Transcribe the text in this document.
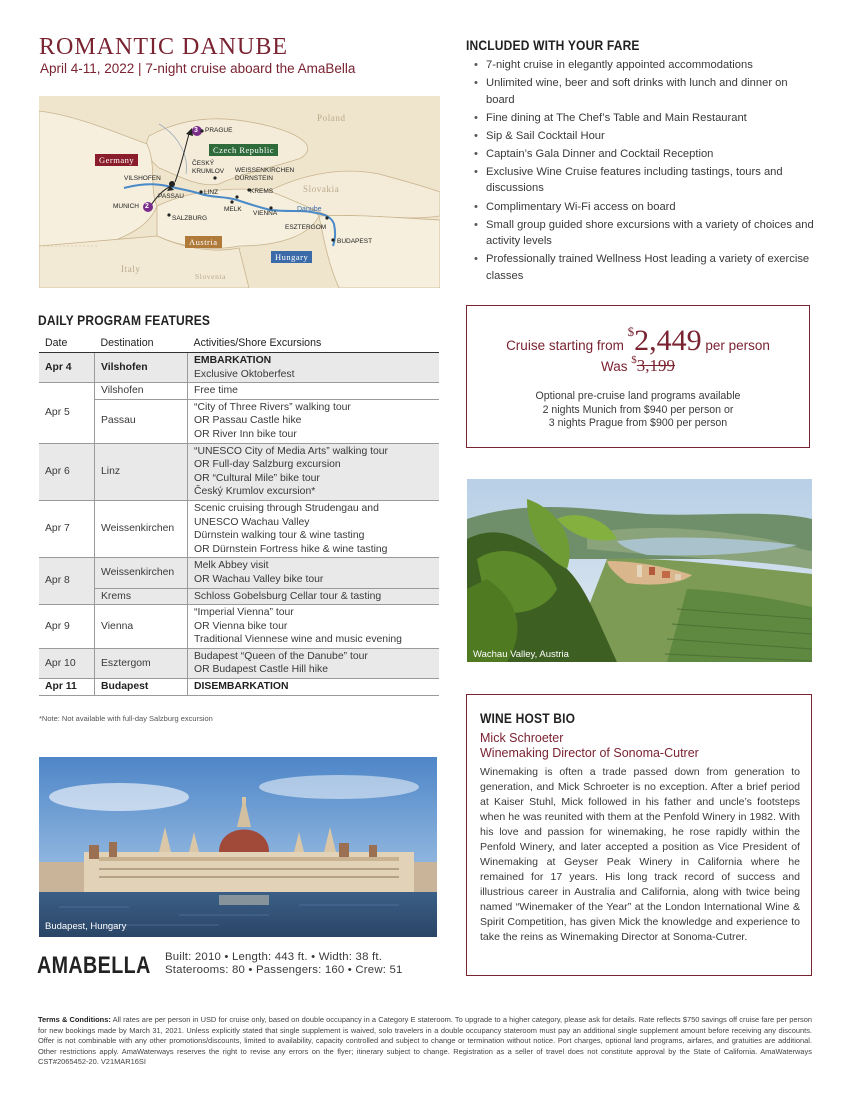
ROMANTIC DANUBE
April 4-11, 2022 | 7-night cruise aboard the AmaBella
Poland
Slovakia
Italy
Slovenia
Germany
Czech Republic
Austria
Hungary
PRAGUE
ČESKÝ KRUMLOV WEISSENKIRCHEN DÜRNSTEIN
VILSHOFEN
PASSAU
LINZ	KREMS
MUNICH	MELK
VIENNA
SALZBURG
ESZTERGOM
BUDAPEST
Danube
3
2
INCLUDED WITH YOUR FARE
• 7-night cruise in elegantly appointed accommodations
• Unlimited wine, beer and soft drinks with lunch and dinner on board
• Fine dining at The Chef’s Table and Main Restaurant
• Sip & Sail Cocktail Hour
• Captain’s Gala Dinner and Cocktail Reception
• Exclusive Wine Cruise features including tastings, tours and discussions
• Complimentary Wi-Fi access on board
• Small group guided shore excursions with a variety of choices and activity levels
• Professionally trained Wellness Host leading a variety of exercise classes
DAILY PROGRAM FEATURES
Date	Destination	Activities/Shore Excursions
Apr 4	Vilshofen	EMBARKATION
Exclusive Oktoberfest

Apr 5	Vilshofen	Free time

	Passau	“City of Three Rivers” walking tour
OR Passau Castle hike
OR River Inn bike tour

Apr 6	Linz	“UNESCO City of Media Arts” walking tour
OR Full-day Salzburg excursion
OR “Cultural Mile” bike tour
Český Krumlov excursion*

Apr 7	Weissenkirchen	Scenic cruising through Strudengau and
UNESCO Wachau Valley
Dürnstein walking tour & wine tasting
OR Dürnstein Fortress hike & wine tasting

Apr 8	Weissenkirchen	Melk Abbey visit
OR Wachau Valley bike tour

	Krems	Schloss Gobelsburg Cellar tour & tasting

Apr 9	Vienna	“Imperial Vienna” tour
OR Vienna bike tour
Traditional Viennese wine and music evening

Apr 10	Esztergom	Budapest “Queen of the Danube” tour
OR Budapest Castle Hill hike

Apr 11	Budapest	DISEMBARKATION
*Note: Not available with full-day Salzburg excursion
Cruise starting from $2,449 per person
Was $3,199
Optional pre-cruise land programs available
2 nights Munich from $940 per person or
3 nights Prague from $900 per person
Wachau Valley, Austria
WINE HOST BIO
Mick Schroeter
Winemaking Director of Sonoma-Cutrer
Winemaking is often a trade passed down from generation to generation, and Mick Schroeter is no exception. After a brief period at Kaiser Stuhl, Mick followed in his father and uncle’s footsteps when he was reunited with them at the Penfold Winery in 1982. With his love and passion for winemaking, he rose rapidly within the Penfold Winery, and later accepted a position as Vice President of Winemaking at Geyser Peak Winery in California where he remained for 17 years. His long track record of success and illustrious career in Australia and California, along with twice being named “Winemaker of the Year” at the London International Wine & Spirit Competition, has given Mick the knowledge and experience to take the reins as Winemaking Director at Sonoma-Cutrer.
Budapest, Hungary
AMABELLA Built: 2010 • Length: 443 ft. • Width: 38 ft.
Staterooms: 80 • Passengers: 160 • Crew: 51
Terms & Conditions: All rates are per person in USD for cruise only, based on double occupancy in a Category E stateroom. To upgrade to a higher category, please ask for details. Rate reflects $750 savings off cruise fare per person for new bookings made by March 31, 2021. Unless explicitly stated that single supplement is waived, solo travelers in a double occupancy stateroom must pay an additional single supplement amount before receiving any discounts. Offer is not combinable with any other promotions/discounts, limited to availability, capacity controlled and subject to change or termination without notice. Port charges, optional land programs, airfares, and gratuities are additional. Other restrictions apply. AmaWaterways reserves the right to revise any errors on the flyer; itinerary subject to change. Registration as a seller of travel does not constitute approval by the State of California. AmaWaterways CST#2065452-20. V21MAR16SI
